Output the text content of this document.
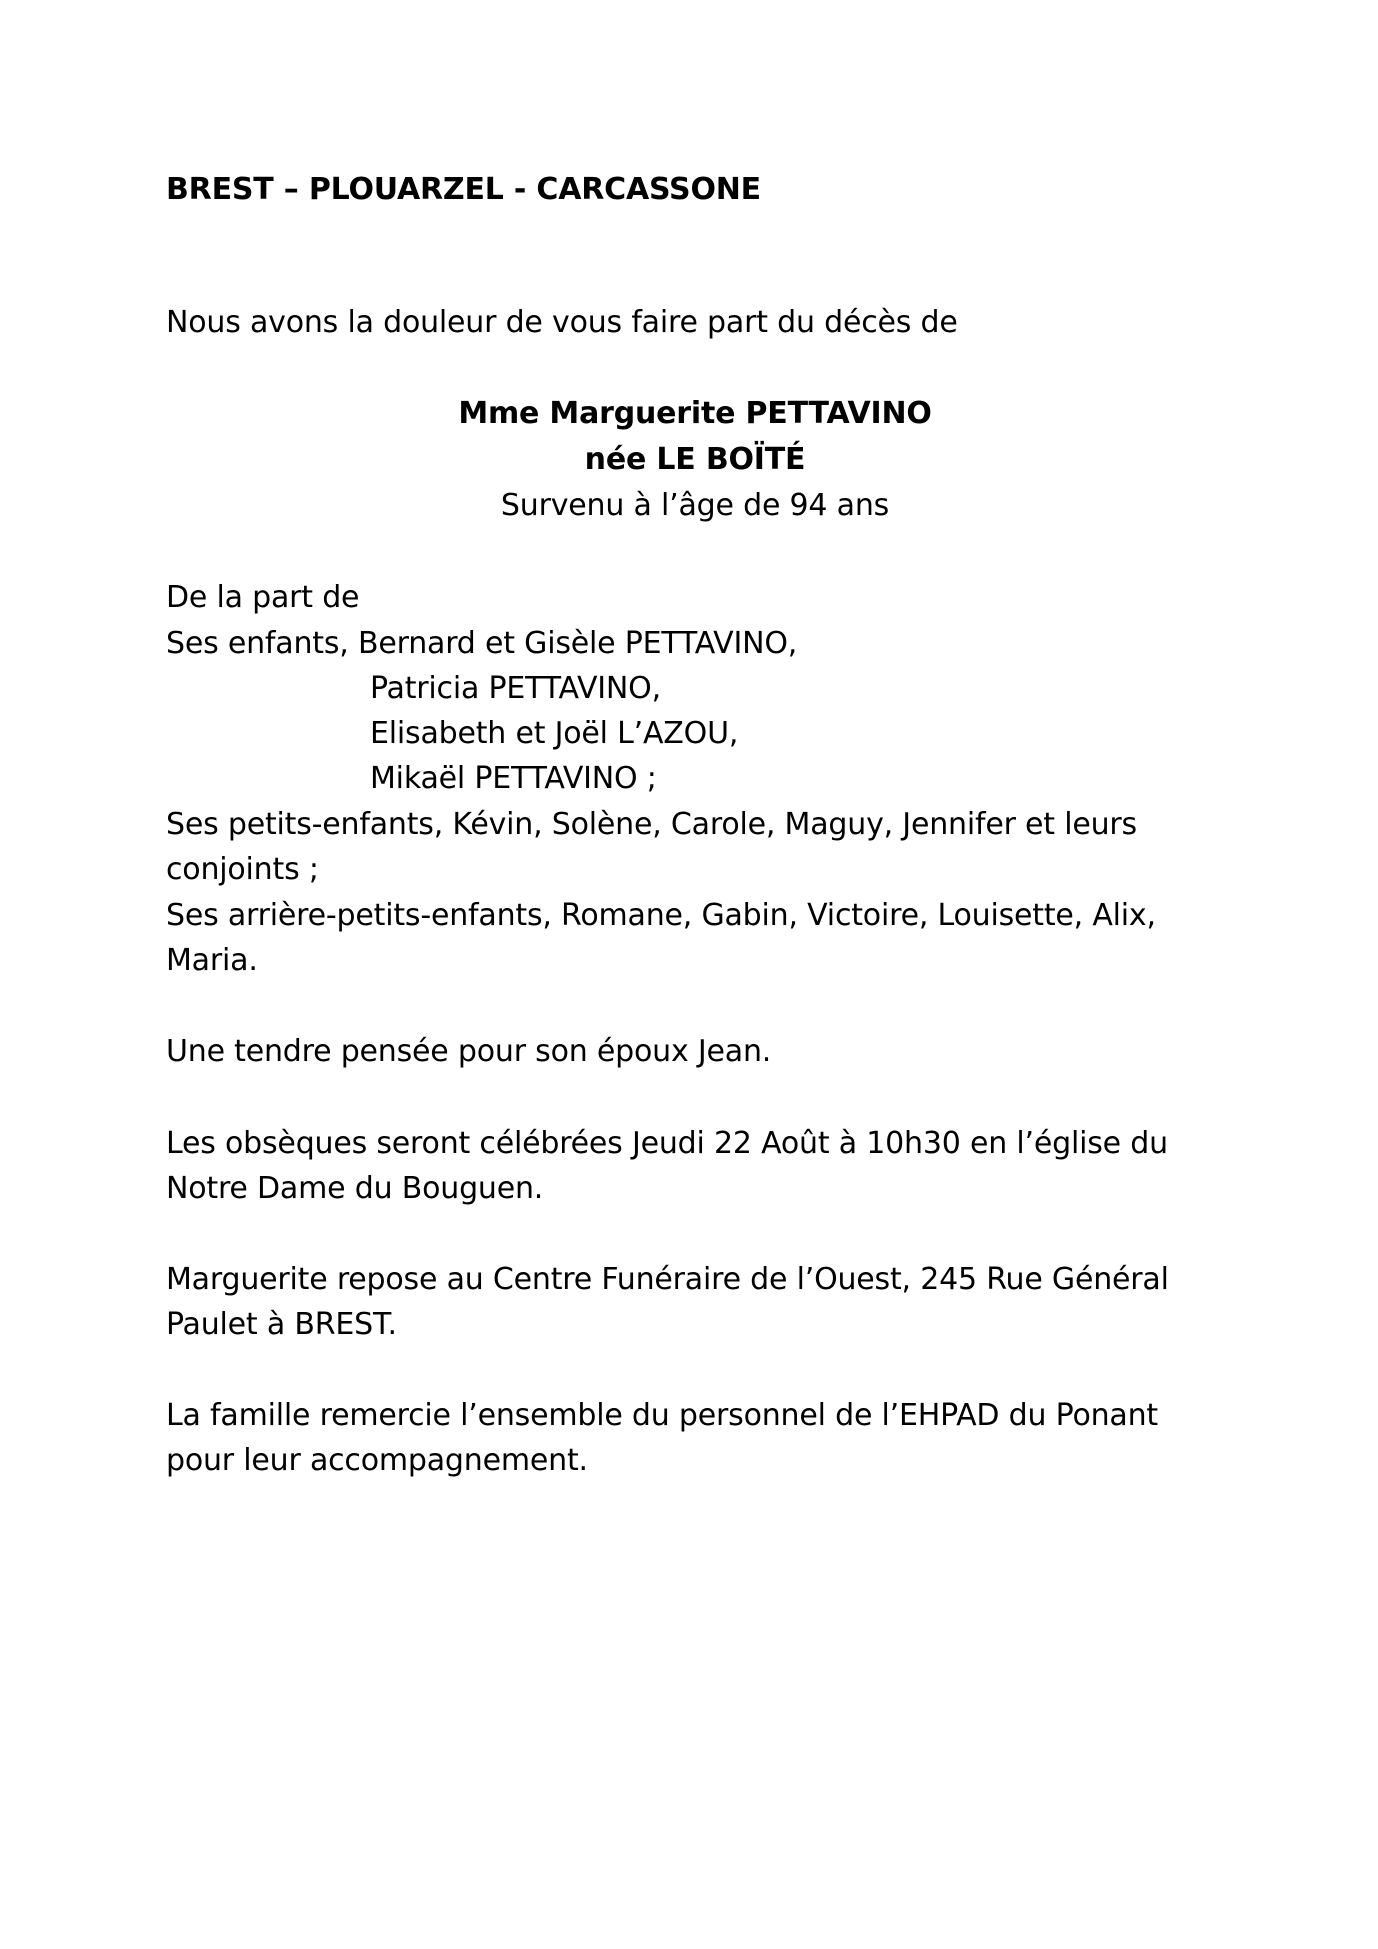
BREST – PLOUARZEL - CARCASSONE
Nous avons la douleur de vous faire part du décès de
Mme Marguerite PETTAVINO
née LE BOÏTÉ
Survenu à l’âge de 94 ans
De la part de
Ses enfants, Bernard et Gisèle PETTAVINO,
Patricia PETTAVINO,
Elisabeth et Joël L’AZOU,
Mikaël PETTAVINO ;
Ses petits-enfants, Kévin, Solène, Carole, Maguy, Jennifer et leurs
conjoints ;
Ses arrière-petits-enfants, Romane, Gabin, Victoire, Louisette, Alix,
Maria.
Une tendre pensée pour son époux Jean.
Les obsèques seront célébrées Jeudi 22 Août à 10h30 en l’église du
Notre Dame du Bouguen.
Marguerite repose au Centre Funéraire de l’Ouest, 245 Rue Général
Paulet à BREST.
La famille remercie l’ensemble du personnel de l’EHPAD du Ponant
pour leur accompagnement.
